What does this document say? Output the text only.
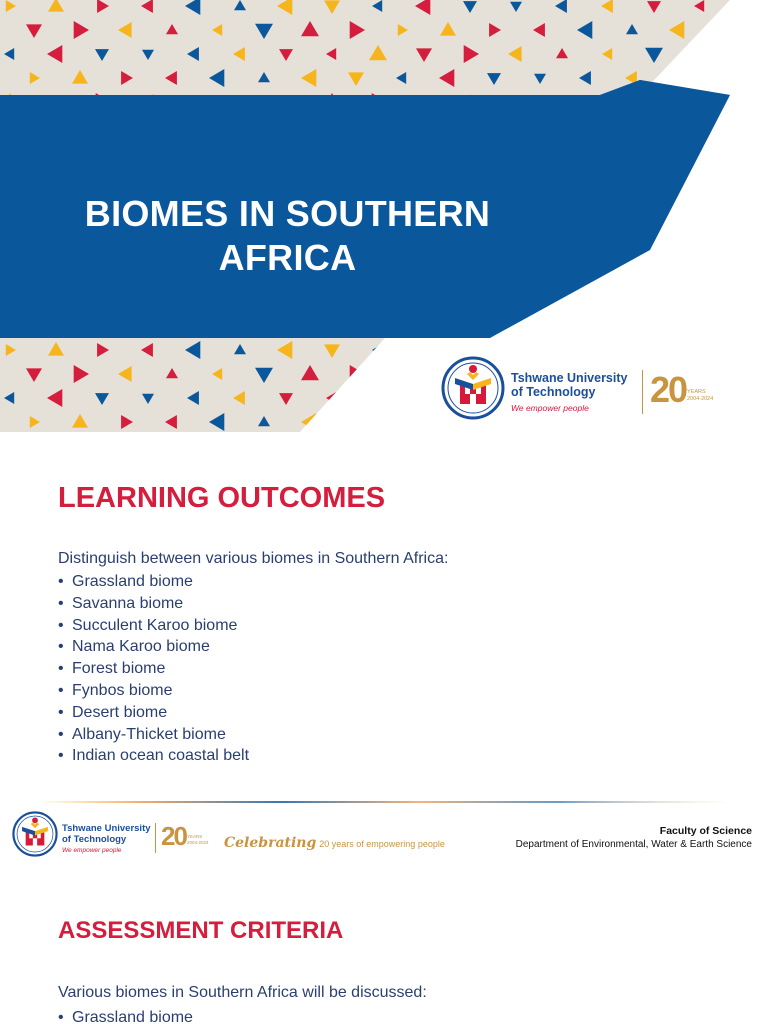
BIOMES IN SOUTHERN
AFRICA
Tshwane University
of Technology
We empower people 20 YEARS
2004-2024
LEARNING OUTCOMES

Distinguish between various biomes in Southern Africa:

• Grassland biome
• Savanna biome
• Succulent Karoo biome
• Nama Karoo biome
• Forest biome
• Fynbos biome
• Desert biome
• Albany-Thicket biome
• Indian ocean coastal belt
Tshwane University
of Technology
We empower people 20 YEARS
2004-2024 Celebrating 20 years of empowering people
Faculty of Science
Department of Environmental, Water & Earth Science
ASSESSMENT CRITERIA

Various biomes in Southern Africa will be discussed:

• Grassland biome
